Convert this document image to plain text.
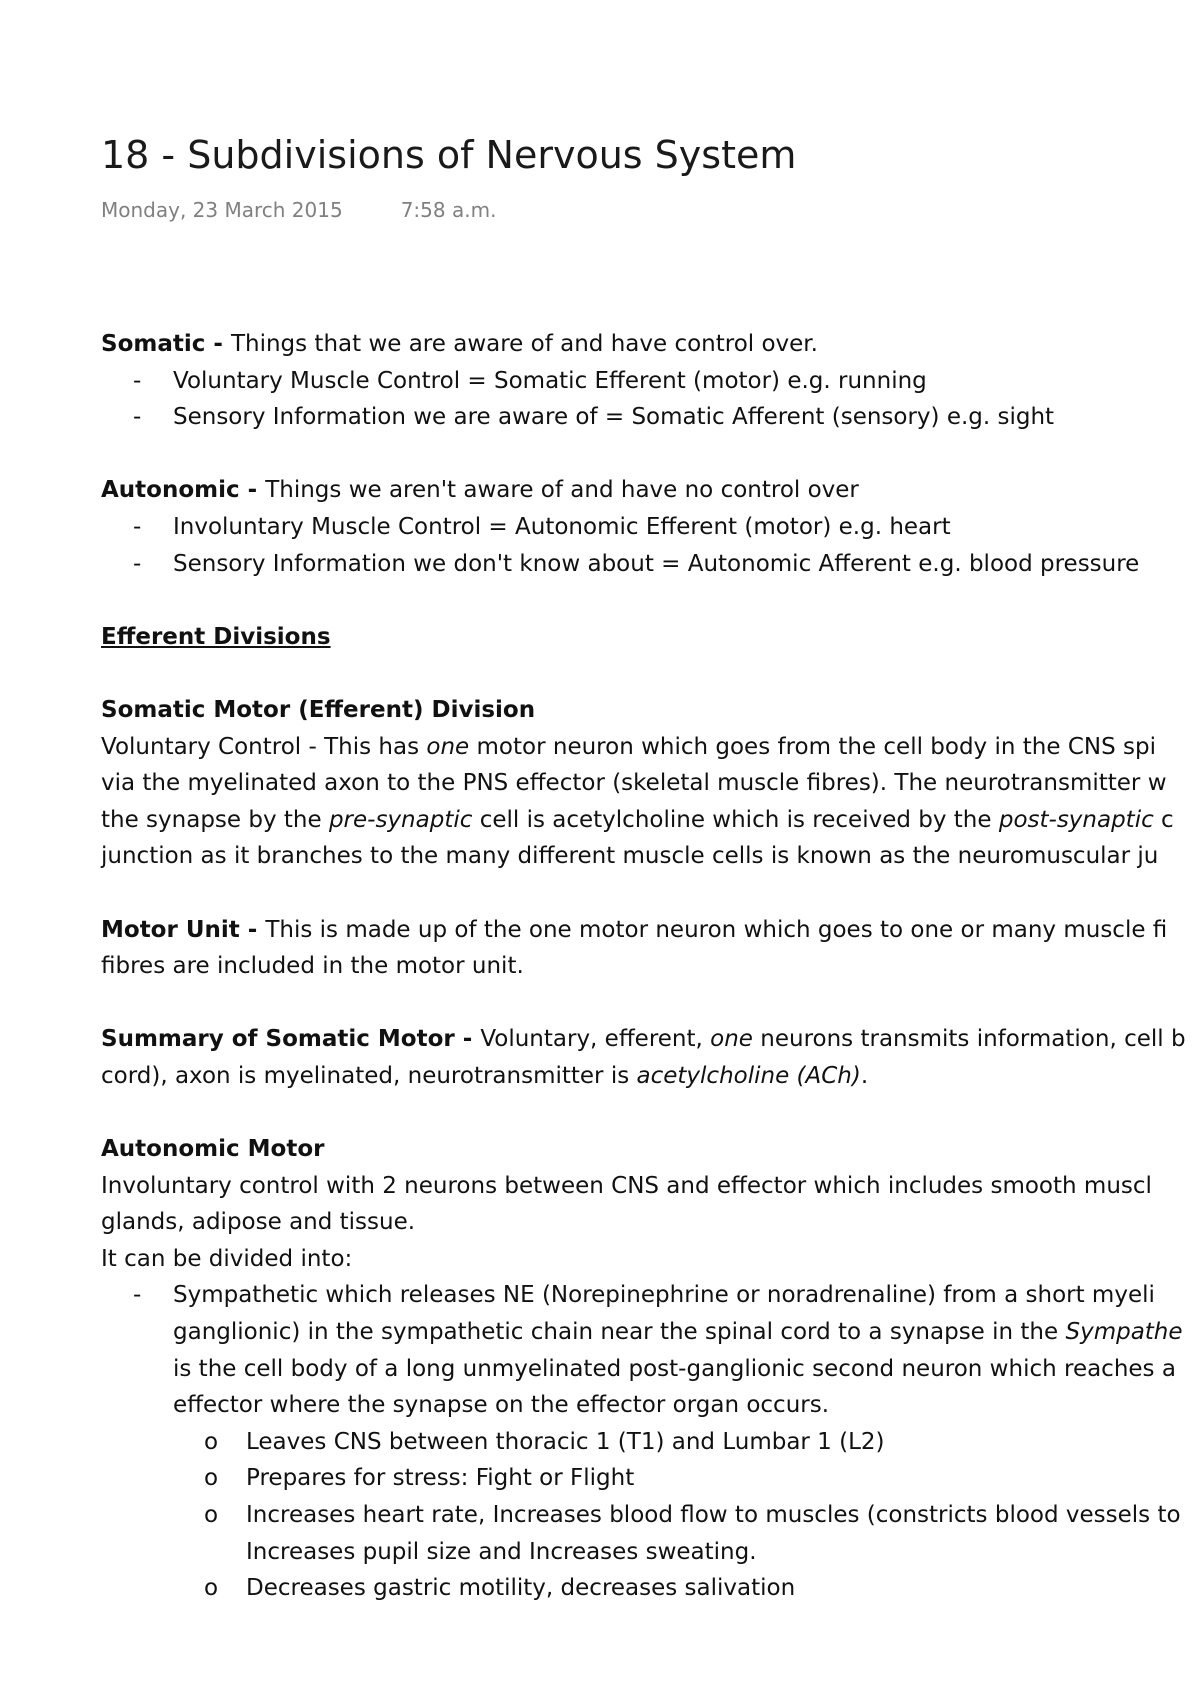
18 - Subdivisions of Nervous System
Monday, 23 March 2015	7:58 a.m.

Somatic - Things that we are aware of and have control over.

- Voluntary Muscle Control = Somatic Efferent (motor) e.g. running

- Sensory Information we are aware of = Somatic Afferent (sensory) e.g. sight

Autonomic - Things we aren't aware of and have no control over

- Involuntary Muscle Control = Autonomic Efferent (motor) e.g. heart

- Sensory Information we don't know about = Autonomic Afferent e.g. blood pressure

Efferent Divisions

Somatic Motor (Efferent) Division

Voluntary Control - This has one motor neuron which goes from the cell body in the CNS spi

via the myelinated axon to the PNS effector (skeletal muscle fibres). The neurotransmitter w

the synapse by the pre-synaptic cell is acetylcholine which is received by the post-synaptic c

junction as it branches to the many different muscle cells is known as the neuromuscular ju

Motor Unit - This is made up of the one motor neuron which goes to one or many muscle fi

fibres are included in the motor unit.

Summary of Somatic Motor - Voluntary, efferent, one neurons transmits information, cell b

cord), axon is myelinated, neurotransmitter is acetylcholine (ACh).

Autonomic Motor

Involuntary control with 2 neurons between CNS and effector which includes smooth muscl

glands, adipose and tissue.

It can be divided into:

- Sympathetic which releases NE (Norepinephrine or noradrenaline) from a short myeli

ganglionic) in the sympathetic chain near the spinal cord to a synapse in the Sympathe

is the cell body of a long unmyelinated post-ganglionic second neuron which reaches a

effector where the synapse on the effector organ occurs.

o Leaves CNS between thoracic 1 (T1) and Lumbar 1 (L2)

o Prepares for stress: Fight or Flight

o Increases heart rate, Increases blood flow to muscles (constricts blood vessels to

Increases pupil size and Increases sweating.

o Decreases gastric motility, decreases salivation
